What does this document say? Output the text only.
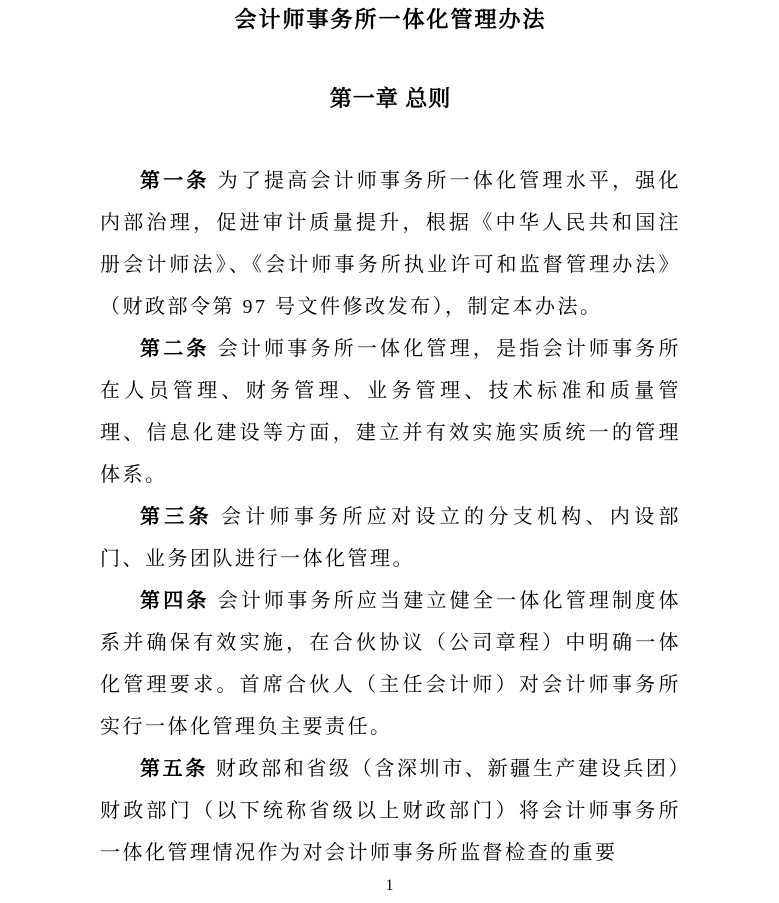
会计师事务所一体化管理办法
第一章 总则

第一条 为了提高会计师事务所一体化管理水平，强化内部治理，促进审计质量提升，根据《中华人民共和国注册会计师法》、《会计师事务所执业许可和监督管理办法》（财政部令第 97 号文件修改发布），制定本办法。

第二条 会计师事务所一体化管理，是指会计师事务所在人员管理、财务管理、业务管理、技术标准和质量管理、信息化建设等方面，建立并有效实施实质统一的管理体系。

第三条 会计师事务所应对设立的分支机构、内设部门、业务团队进行一体化管理。

第四条 会计师事务所应当建立健全一体化管理制度体系并确保有效实施，在合伙协议（公司章程）中明确一体化管理要求。首席合伙人（主任会计师）对会计师事务所实行一体化管理负主要责任。

第五条 财政部和省级（含深圳市、新疆生产建设兵团）财政部门（以下统称省级以上财政部门）将会计师事务所一体化管理情况作为对会计师事务所监督检查的重要

1
